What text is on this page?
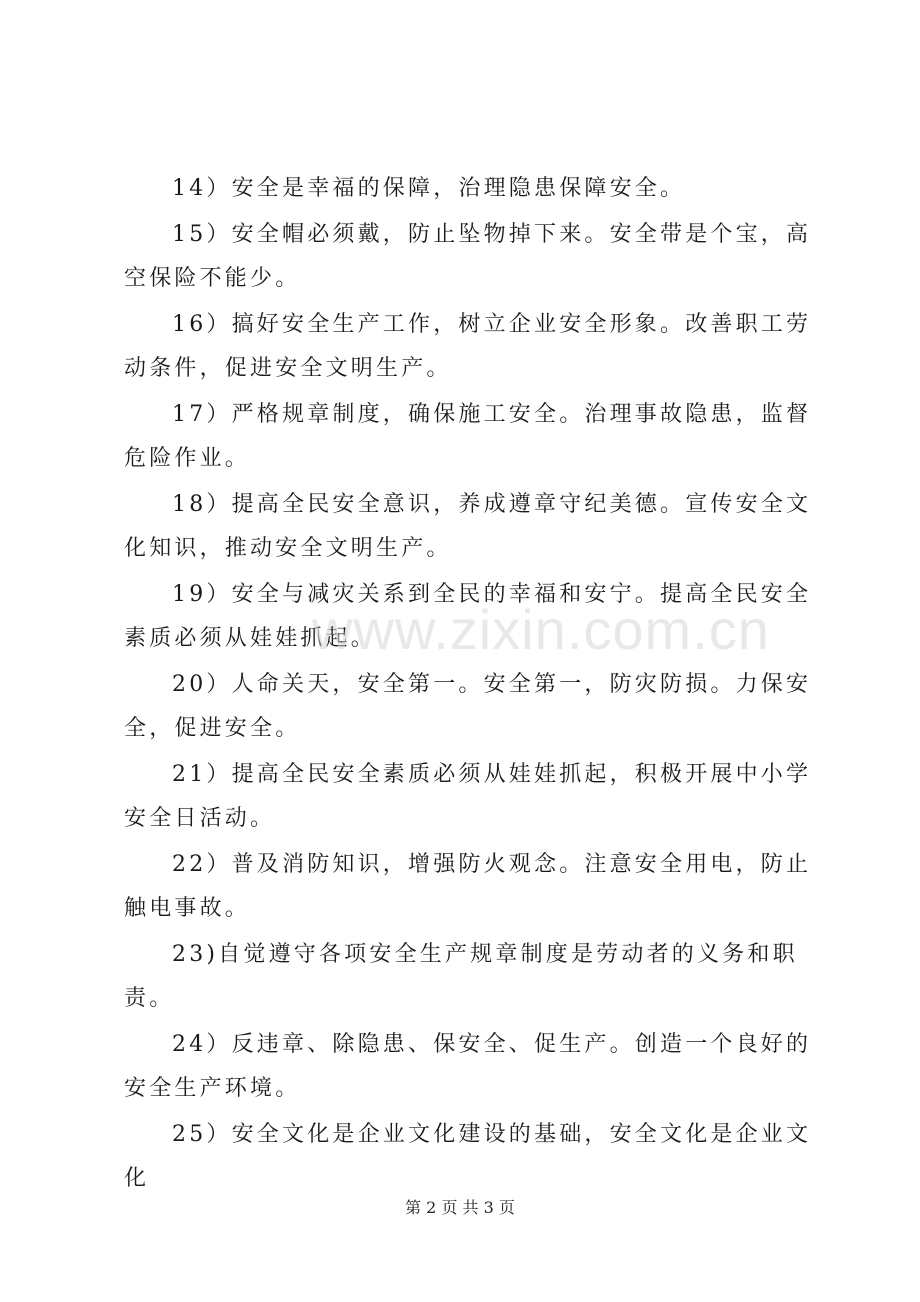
14）安全是幸福的保障，治理隐患保障安全。

15）安全帽必须戴，防止坠物掉下来。安全带是个宝，高空保险不能少。

16）搞好安全生产工作，树立企业安全形象。改善职工劳动条件，促进安全文明生产。

17）严格规章制度，确保施工安全。治理事故隐患，监督危险作业。

18）提高全民安全意识，养成遵章守纪美德。宣传安全文化知识，推动安全文明生产。

19）安全与减灾关系到全民的幸福和安宁。提高全民安全素质必须从娃娃抓起。

20）人命关天，安全第一。安全第一，防灾防损。力保安全，促进安全。

21）提高全民安全素质必须从娃娃抓起，积极开展中小学安全日活动。

22）普及消防知识，增强防火观念。注意安全用电，防止触电事故。

23)自觉遵守各项安全生产规章制度是劳动者的义务和职责。

24）反违章、除隐患、保安全、促生产。创造一个良好的安全生产环境。

25）安全文化是企业文化建设的基础，安全文化是企业文化

www.zixin.com.cn
第 2 页 共 3 页
